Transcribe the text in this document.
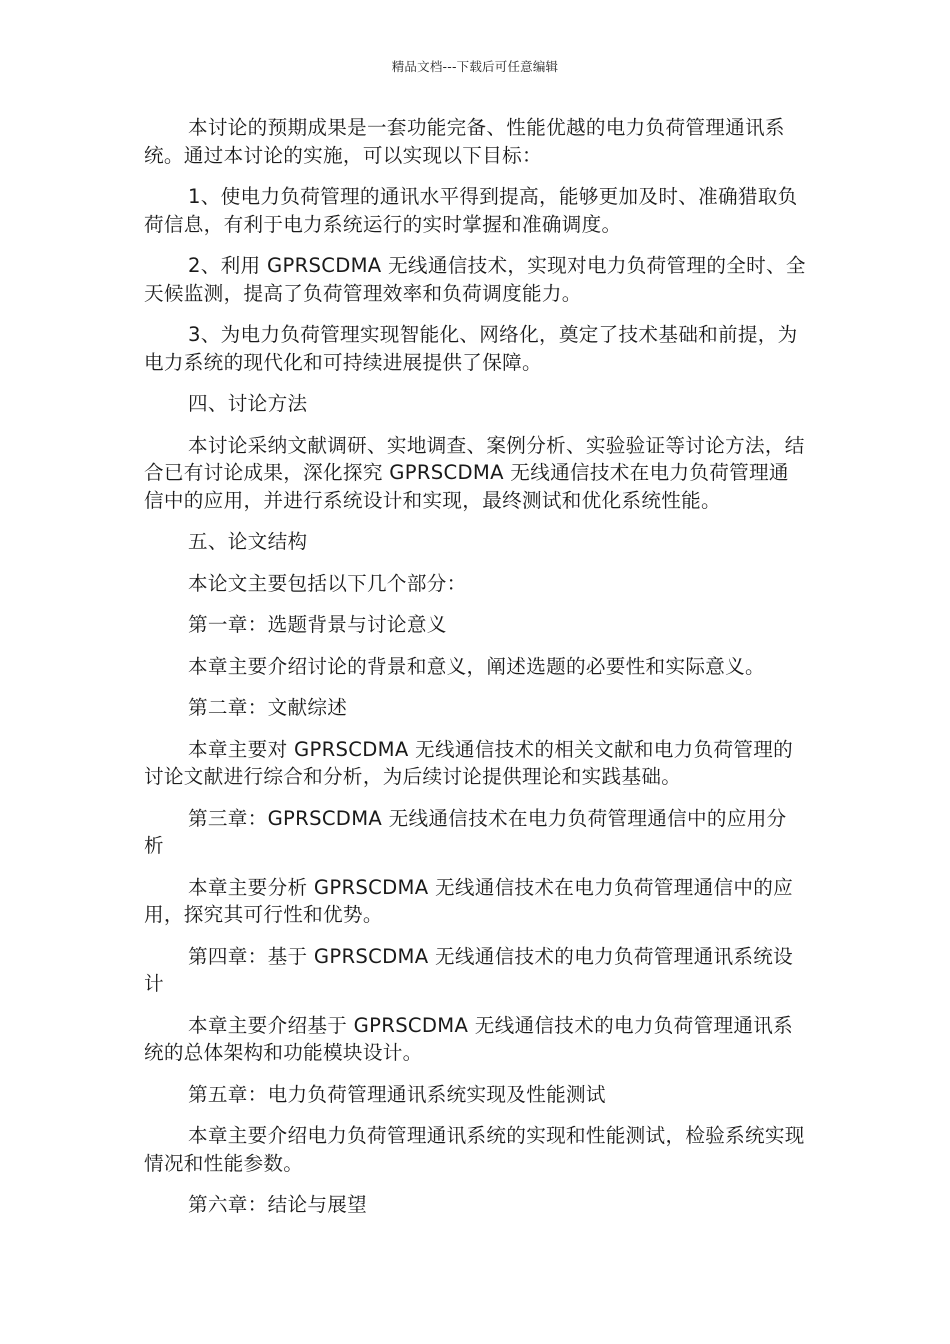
精品文档---下载后可任意编辑

本讨论的预期成果是一套功能完备、性能优越的电力负荷管理通讯系统。通过本讨论的实施，可以实现以下目标：

1、使电力负荷管理的通讯水平得到提高，能够更加及时、准确猎取负荷信息，有利于电力系统运行的实时掌握和准确调度。

2、利用 GPRSCDMA 无线通信技术，实现对电力负荷管理的全时、全天候监测，提高了负荷管理效率和负荷调度能力。

3、为电力负荷管理实现智能化、网络化，奠定了技术基础和前提，为电力系统的现代化和可持续进展提供了保障。

四、讨论方法

本讨论采纳文献调研、实地调查、案例分析、实验验证等讨论方法，结合已有讨论成果，深化探究 GPRSCDMA 无线通信技术在电力负荷管理通信中的应用，并进行系统设计和实现，最终测试和优化系统性能。

五、论文结构

本论文主要包括以下几个部分：

第一章：选题背景与讨论意义

本章主要介绍讨论的背景和意义，阐述选题的必要性和实际意义。

第二章：文献综述

本章主要对 GPRSCDMA 无线通信技术的相关文献和电力负荷管理的讨论文献进行综合和分析，为后续讨论提供理论和实践基础。

第三章：GPRSCDMA 无线通信技术在电力负荷管理通信中的应用分析

本章主要分析 GPRSCDMA 无线通信技术在电力负荷管理通信中的应用，探究其可行性和优势。

第四章：基于 GPRSCDMA 无线通信技术的电力负荷管理通讯系统设计

本章主要介绍基于 GPRSCDMA 无线通信技术的电力负荷管理通讯系统的总体架构和功能模块设计。

第五章：电力负荷管理通讯系统实现及性能测试

本章主要介绍电力负荷管理通讯系统的实现和性能测试，检验系统实现情况和性能参数。

第六章：结论与展望
